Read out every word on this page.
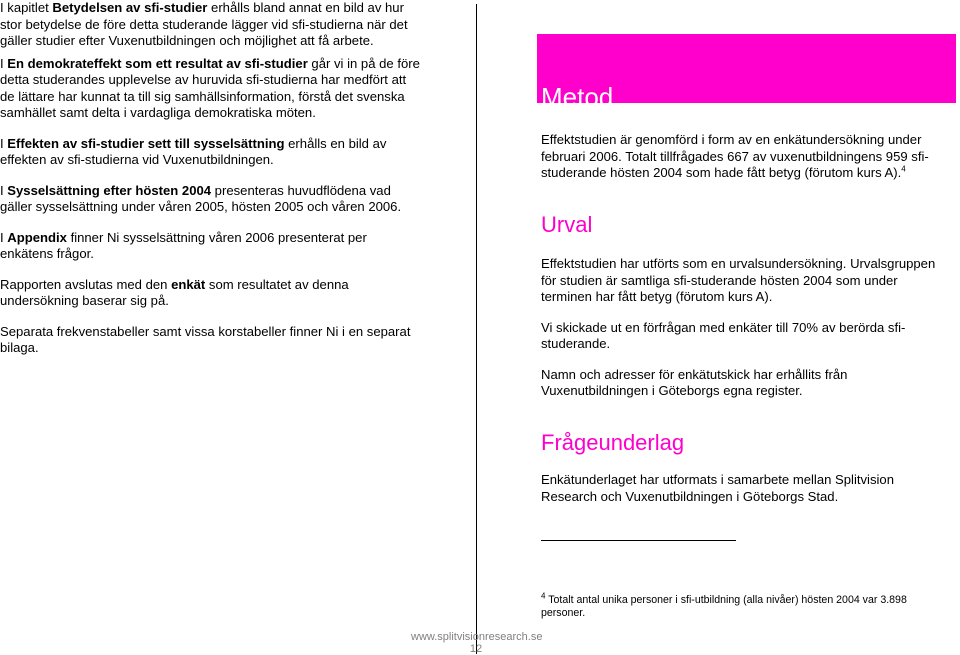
I kapitlet Betydelsen av sfi-studier erhålls bland annat en bild av hur stor betydelse de före detta studerande lägger vid sfi-studierna när det gäller studier efter Vuxenutbildningen och möjlighet att få arbete.

I En demokrateffekt som ett resultat av sfi-studier går vi in på de före detta studerandes upplevelse av huruvida sfi-studierna har medfört att de lättare har kunnat ta till sig samhällsinformation, förstå det svenska samhället samt delta i vardagliga demokratiska möten.

I Effekten av sfi-studier sett till sysselsättning erhålls en bild av effekten av sfi-studierna vid Vuxenutbildningen.

I Sysselsättning efter hösten 2004 presenteras huvudflödena vad gäller sysselsättning under våren 2005, hösten 2005 och våren 2006.

I Appendix finner Ni sysselsättning våren 2006 presenterat per enkätens frågor.

Rapporten avslutas med den enkät som resultatet av denna undersökning baserar sig på.

Separata frekvenstabeller samt vissa korstabeller finner Ni i en separat bilaga.

Metod

Effektstudien är genomförd i form av en enkätundersökning under februari 2006. Totalt tillfrågades 667 av vuxenutbildningens 959 sfi-studerande hösten 2004 som hade fått betyg (förutom kurs A).$^4$

Urval

Effektstudien har utförts som en urvalsundersökning. Urvalsgruppen för studien är samtliga sfi-studerande hösten 2004 som under terminen har fått betyg (förutom kurs A).

Vi skickade ut en förfrågan med enkäter till 70% av berörda sfi-studerande.

Namn och adresser för enkätutskick har erhållits från Vuxenutbildningen i Göteborgs egna register.

Frågeunderlag

Enkätunderlaget har utformats i samarbete mellan Splitvision Research och Vuxenutbildningen i Göteborgs Stad.

$^4$ Totalt antal unika personer i sfi-utbildning (alla nivåer) hösten 2004 var 3.898 personer.
www.splitvisionresearch.se
12
